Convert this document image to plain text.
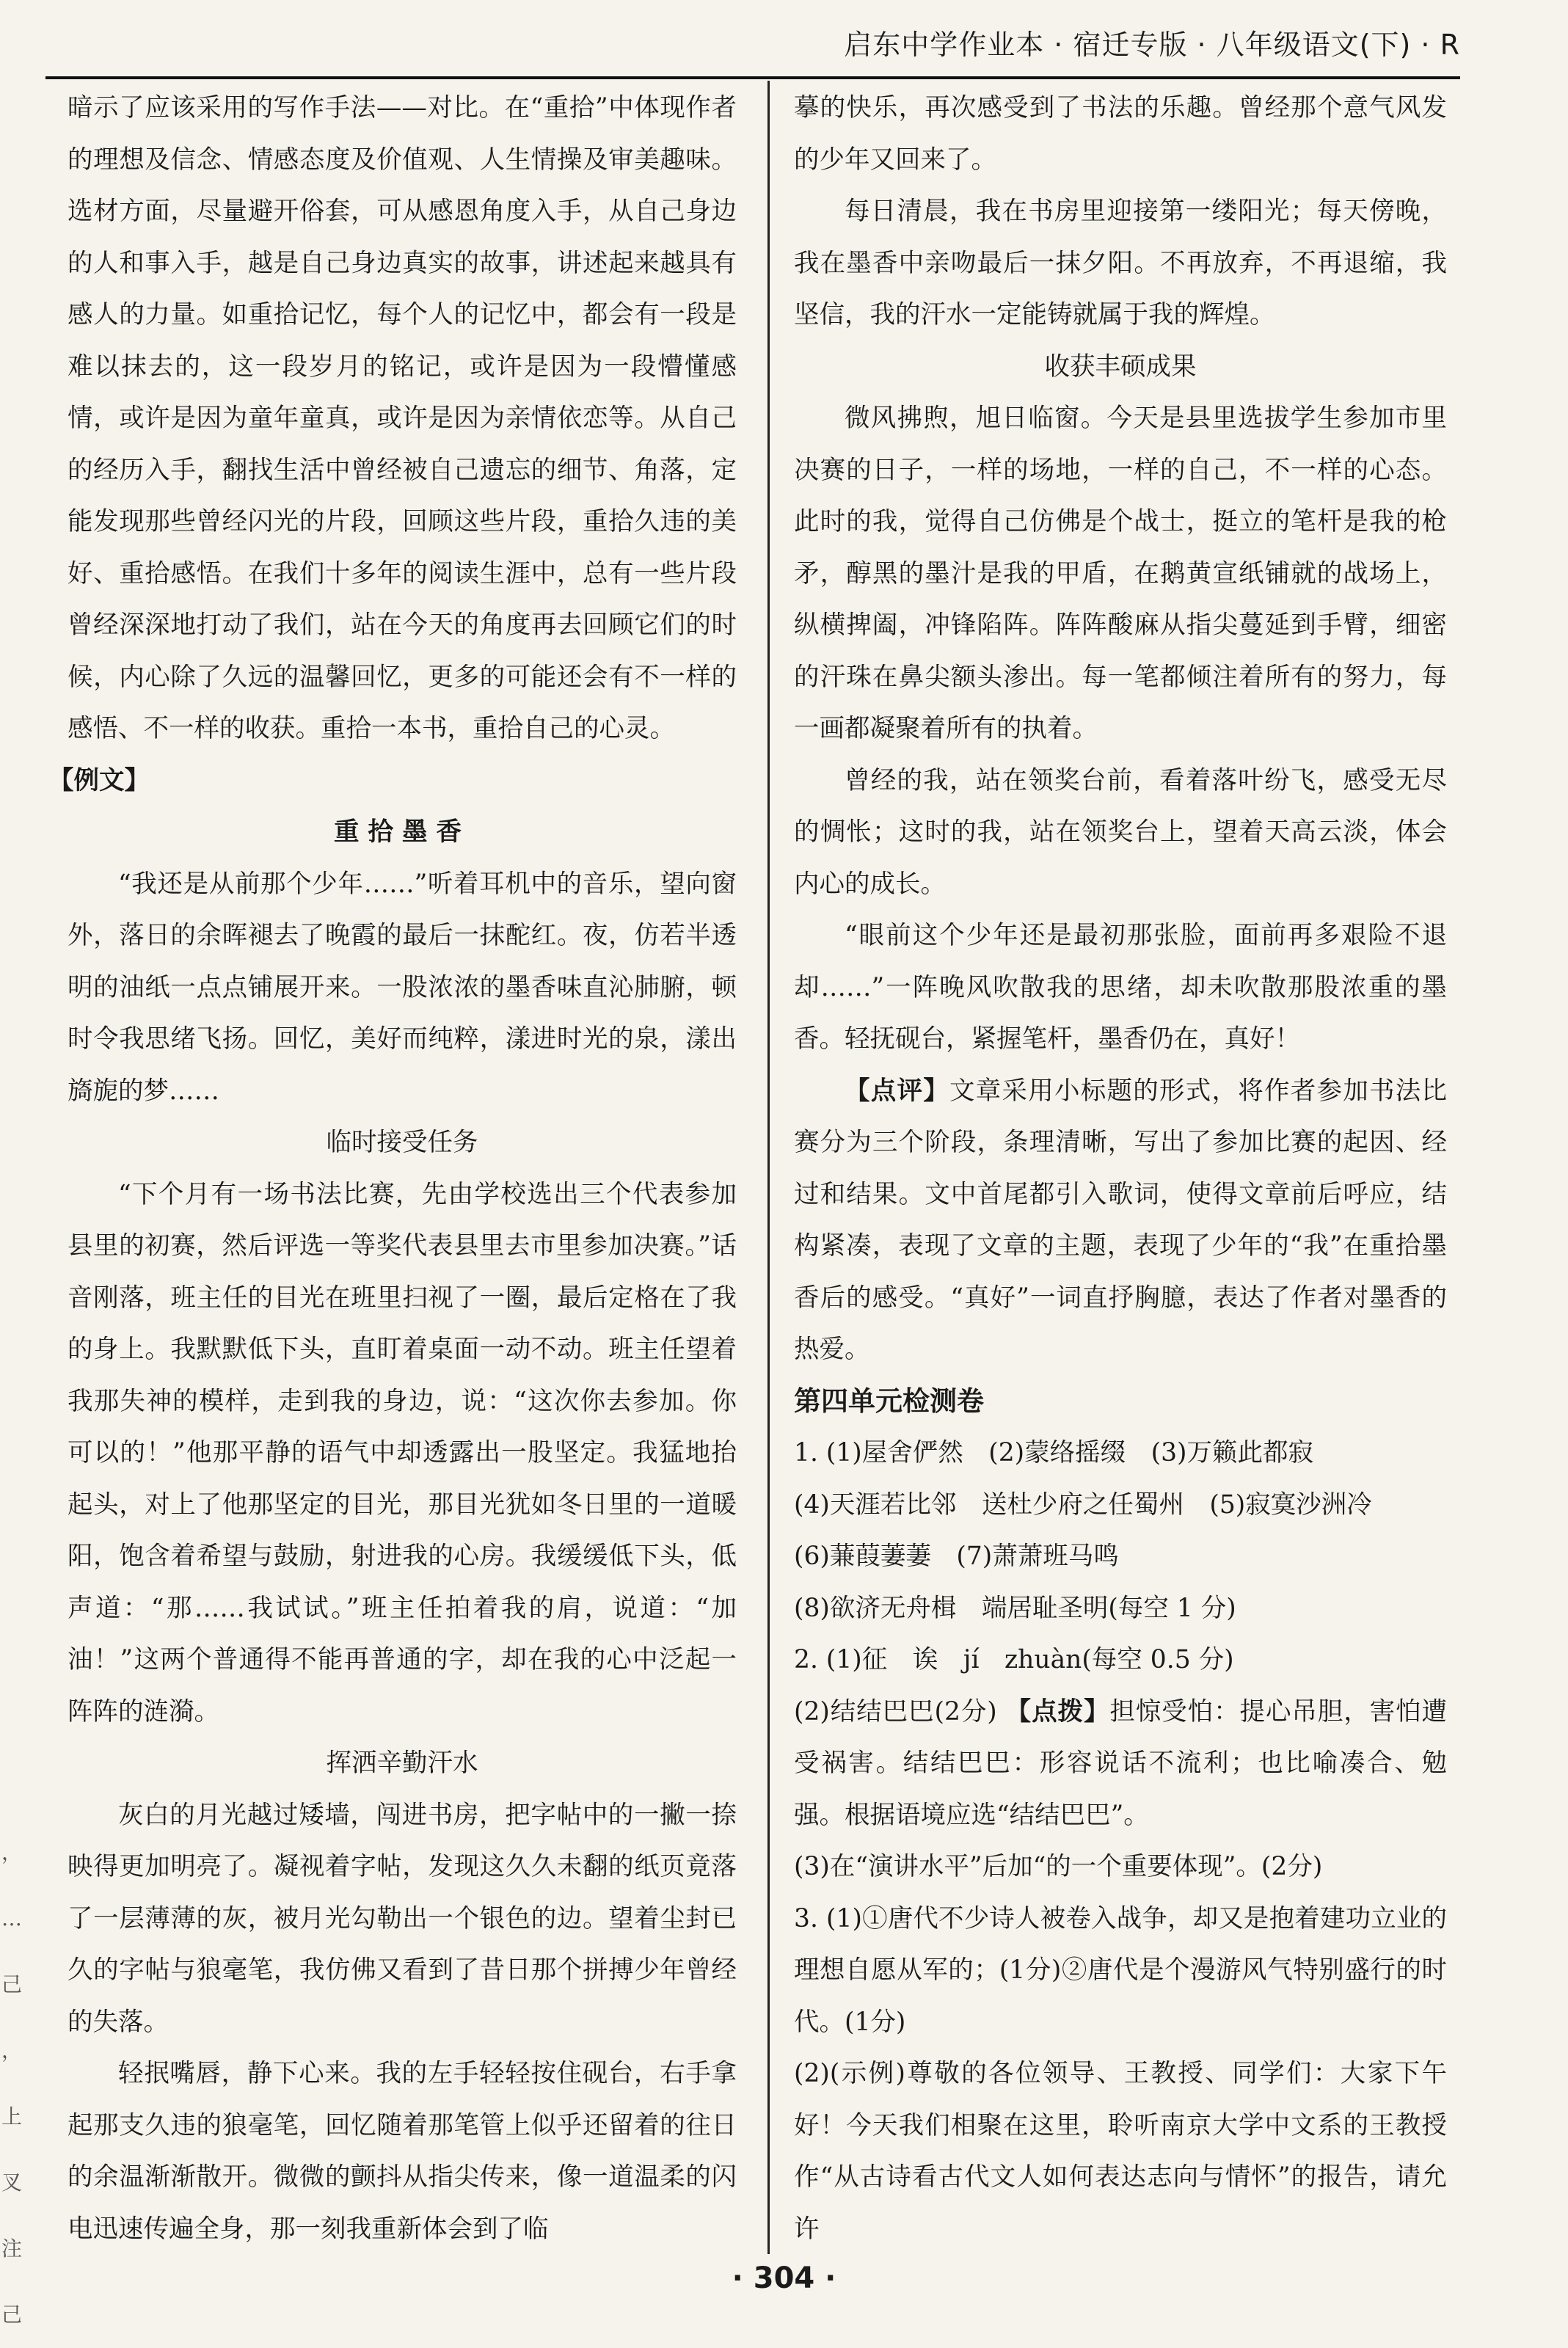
启东中学作业本 · 宿迁专版 · 八年级语文(下) · R
，
…
己
，
上
叉
注
己

暗示了应该采用的写作手法——对比。在“重拾”中体现作者的理想及信念、情感态度及价值观、人生情操及审美趣味。选材方面，尽量避开俗套，可从感恩角度入手，从自己身边的人和事入手，越是自己身边真实的故事，讲述起来越具有感人的力量。如重拾记忆，每个人的记忆中，都会有一段是难以抹去的，这一段岁月的铭记，或许是因为一段懵懂感情，或许是因为童年童真，或许是因为亲情依恋等。从自己的经历入手，翻找生活中曾经被自己遗忘的细节、角落，定能发现那些曾经闪光的片段，回顾这些片段，重拾久违的美好、重拾感悟。在我们十多年的阅读生涯中，总有一些片段曾经深深地打动了我们，站在今天的角度再去回顾它们的时候，内心除了久远的温馨回忆，更多的可能还会有不一样的感悟、不一样的收获。重拾一本书，重拾自己的心灵。

【例文】

重拾墨香

“我还是从前那个少年……”听着耳机中的音乐，望向窗外，落日的余晖褪去了晚霞的最后一抹酡红。夜，仿若半透明的油纸一点点铺展开来。一股浓浓的墨香味直沁肺腑，顿时令我思绪飞扬。回忆，美好而纯粹，漾进时光的泉，漾出旖旎的梦……

临时接受任务

“下个月有一场书法比赛，先由学校选出三个代表参加县里的初赛，然后评选一等奖代表县里去市里参加决赛。”话音刚落，班主任的目光在班里扫视了一圈，最后定格在了我的身上。我默默低下头，直盯着桌面一动不动。班主任望着我那失神的模样，走到我的身边，说：“这次你去参加。你可以的！”他那平静的语气中却透露出一股坚定。我猛地抬起头，对上了他那坚定的目光，那目光犹如冬日里的一道暖阳，饱含着希望与鼓励，射进我的心房。我缓缓低下头，低声道：“那……我试试。”班主任拍着我的肩，说道：“加油！”这两个普通得不能再普通的字，却在我的心中泛起一阵阵的涟漪。

挥洒辛勤汗水

灰白的月光越过矮墙，闯进书房，把字帖中的一撇一捺映得更加明亮了。凝视着字帖，发现这久久未翻的纸页竟落了一层薄薄的灰，被月光勾勒出一个银色的边。望着尘封已久的字帖与狼毫笔，我仿佛又看到了昔日那个拼搏少年曾经的失落。

轻抿嘴唇，静下心来。我的左手轻轻按住砚台，右手拿起那支久违的狼毫笔，回忆随着那笔管上似乎还留着的往日的余温渐渐散开。微微的颤抖从指尖传来，像一道温柔的闪电迅速传遍全身，那一刻我重新体会到了临

摹的快乐，再次感受到了书法的乐趣。曾经那个意气风发的少年又回来了。

每日清晨，我在书房里迎接第一缕阳光；每天傍晚，我在墨香中亲吻最后一抹夕阳。不再放弃，不再退缩，我坚信，我的汗水一定能铸就属于我的辉煌。

收获丰硕成果

微风拂煦，旭日临窗。今天是县里选拔学生参加市里决赛的日子，一样的场地，一样的自己，不一样的心态。此时的我，觉得自己仿佛是个战士，挺立的笔杆是我的枪矛，醇黑的墨汁是我的甲盾，在鹅黄宣纸铺就的战场上，纵横捭阖，冲锋陷阵。阵阵酸麻从指尖蔓延到手臂，细密的汗珠在鼻尖额头渗出。每一笔都倾注着所有的努力，每一画都凝聚着所有的执着。

曾经的我，站在领奖台前，看着落叶纷飞，感受无尽的惆怅；这时的我，站在领奖台上，望着天高云淡，体会内心的成长。

“眼前这个少年还是最初那张脸，面前再多艰险不退却……”一阵晚风吹散我的思绪，却未吹散那股浓重的墨香。轻抚砚台，紧握笔杆，墨香仍在，真好！

【点评】文章采用小标题的形式，将作者参加书法比赛分为三个阶段，条理清晰，写出了参加比赛的起因、经过和结果。文中首尾都引入歌词，使得文章前后呼应，结构紧凑，表现了文章的主题，表现了少年的“我”在重拾墨香后的感受。“真好”一词直抒胸臆，表达了作者对墨香的热爱。

第四单元检测卷

1. (1)屋舍俨然　(2)蒙络摇缀　(3)万籁此都寂

(4)天涯若比邻　送杜少府之任蜀州　(5)寂寞沙洲冷

(6)蒹葭萋萋　(7)萧萧班马鸣

(8)欲济无舟楫　端居耻圣明(每空 1 分)

2. (1)征　诶　jí　zhuàn(每空 0.5 分)

(2)结结巴巴(2分) 【点拨】担惊受怕：提心吊胆，害怕遭受祸害。结结巴巴：形容说话不流利；也比喻凑合、勉强。根据语境应选“结结巴巴”。

(3)在“演讲水平”后加“的一个重要体现”。(2分)

3. (1)①唐代不少诗人被卷入战争，却又是抱着建功立业的理想自愿从军的；(1分)②唐代是个漫游风气特别盛行的时代。(1分)

(2)(示例)尊敬的各位领导、王教授、同学们：大家下午好！今天我们相聚在这里，聆听南京大学中文系的王教授作“从古诗看古代文人如何表达志向与情怀”的报告，请允许

· 304 ·
